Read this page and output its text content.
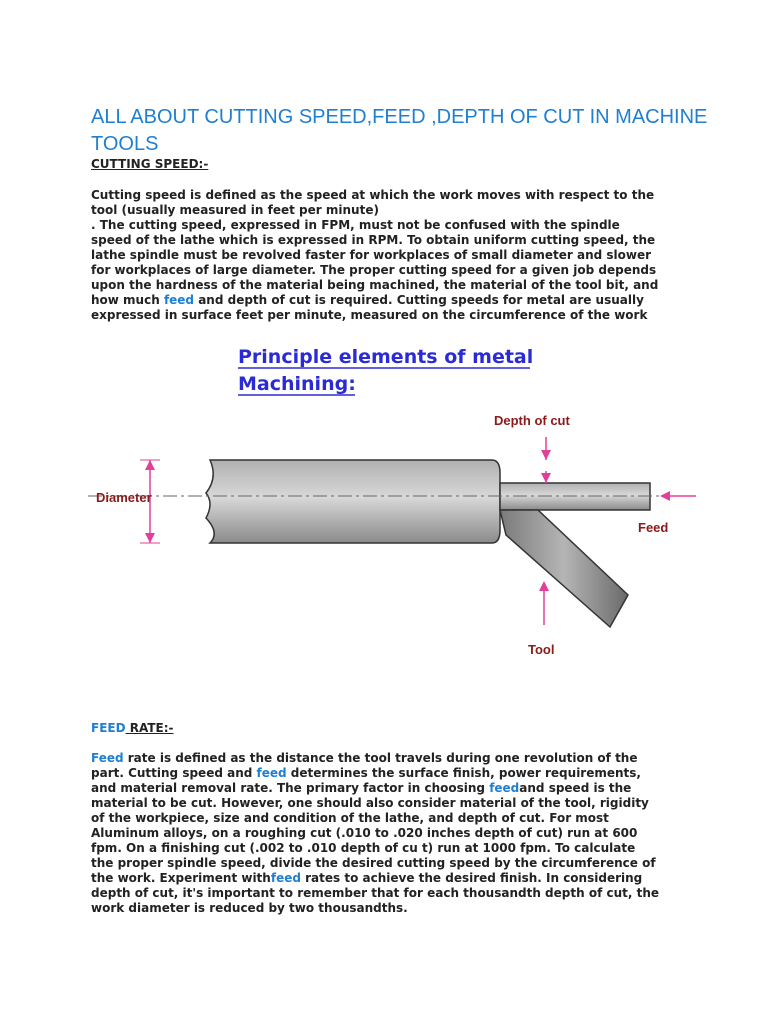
ALL ABOUT CUTTING SPEED,FEED ,DEPTH OF CUT IN MACHINE TOOLS

CUTTING SPEED:-

Cutting speed is defined as the speed at which the work moves with respect to the
tool (usually measured in feet per minute)
. The cutting speed, expressed in FPM, must not be confused with the spindle
speed of the lathe which is expressed in RPM. To obtain uniform cutting speed, the
lathe spindle must be revolved faster for workplaces of small diameter and slower
for workplaces of large diameter. The proper cutting speed for a given job depends
upon the hardness of the material being machined, the material of the tool bit, and
how much feed and depth of cut is required. Cutting speeds for metal are usually
expressed in surface feet per minute, measured on the circumference of the work
Principle elements of metal
Machining:
Diameter
Depth of cut
Feed
Tool

FEED RATE:-

Feed rate is defined as the distance the tool travels during one revolution of the
part. Cutting speed and feed determines the surface finish, power requirements,
and material removal rate. The primary factor in choosing feedand speed is the
material to be cut. However, one should also consider material of the tool, rigidity
of the workpiece, size and condition of the lathe, and depth of cut. For most
Aluminum alloys, on a roughing cut (.010 to .020 inches depth of cut) run at 600
fpm. On a finishing cut (.002 to .010 depth of cu t) run at 1000 fpm. To calculate
the proper spindle speed, divide the desired cutting speed by the circumference of
the work. Experiment withfeed rates to achieve the desired finish. In considering
depth of cut, it's important to remember that for each thousandth depth of cut, the
work diameter is reduced by two thousandths.
